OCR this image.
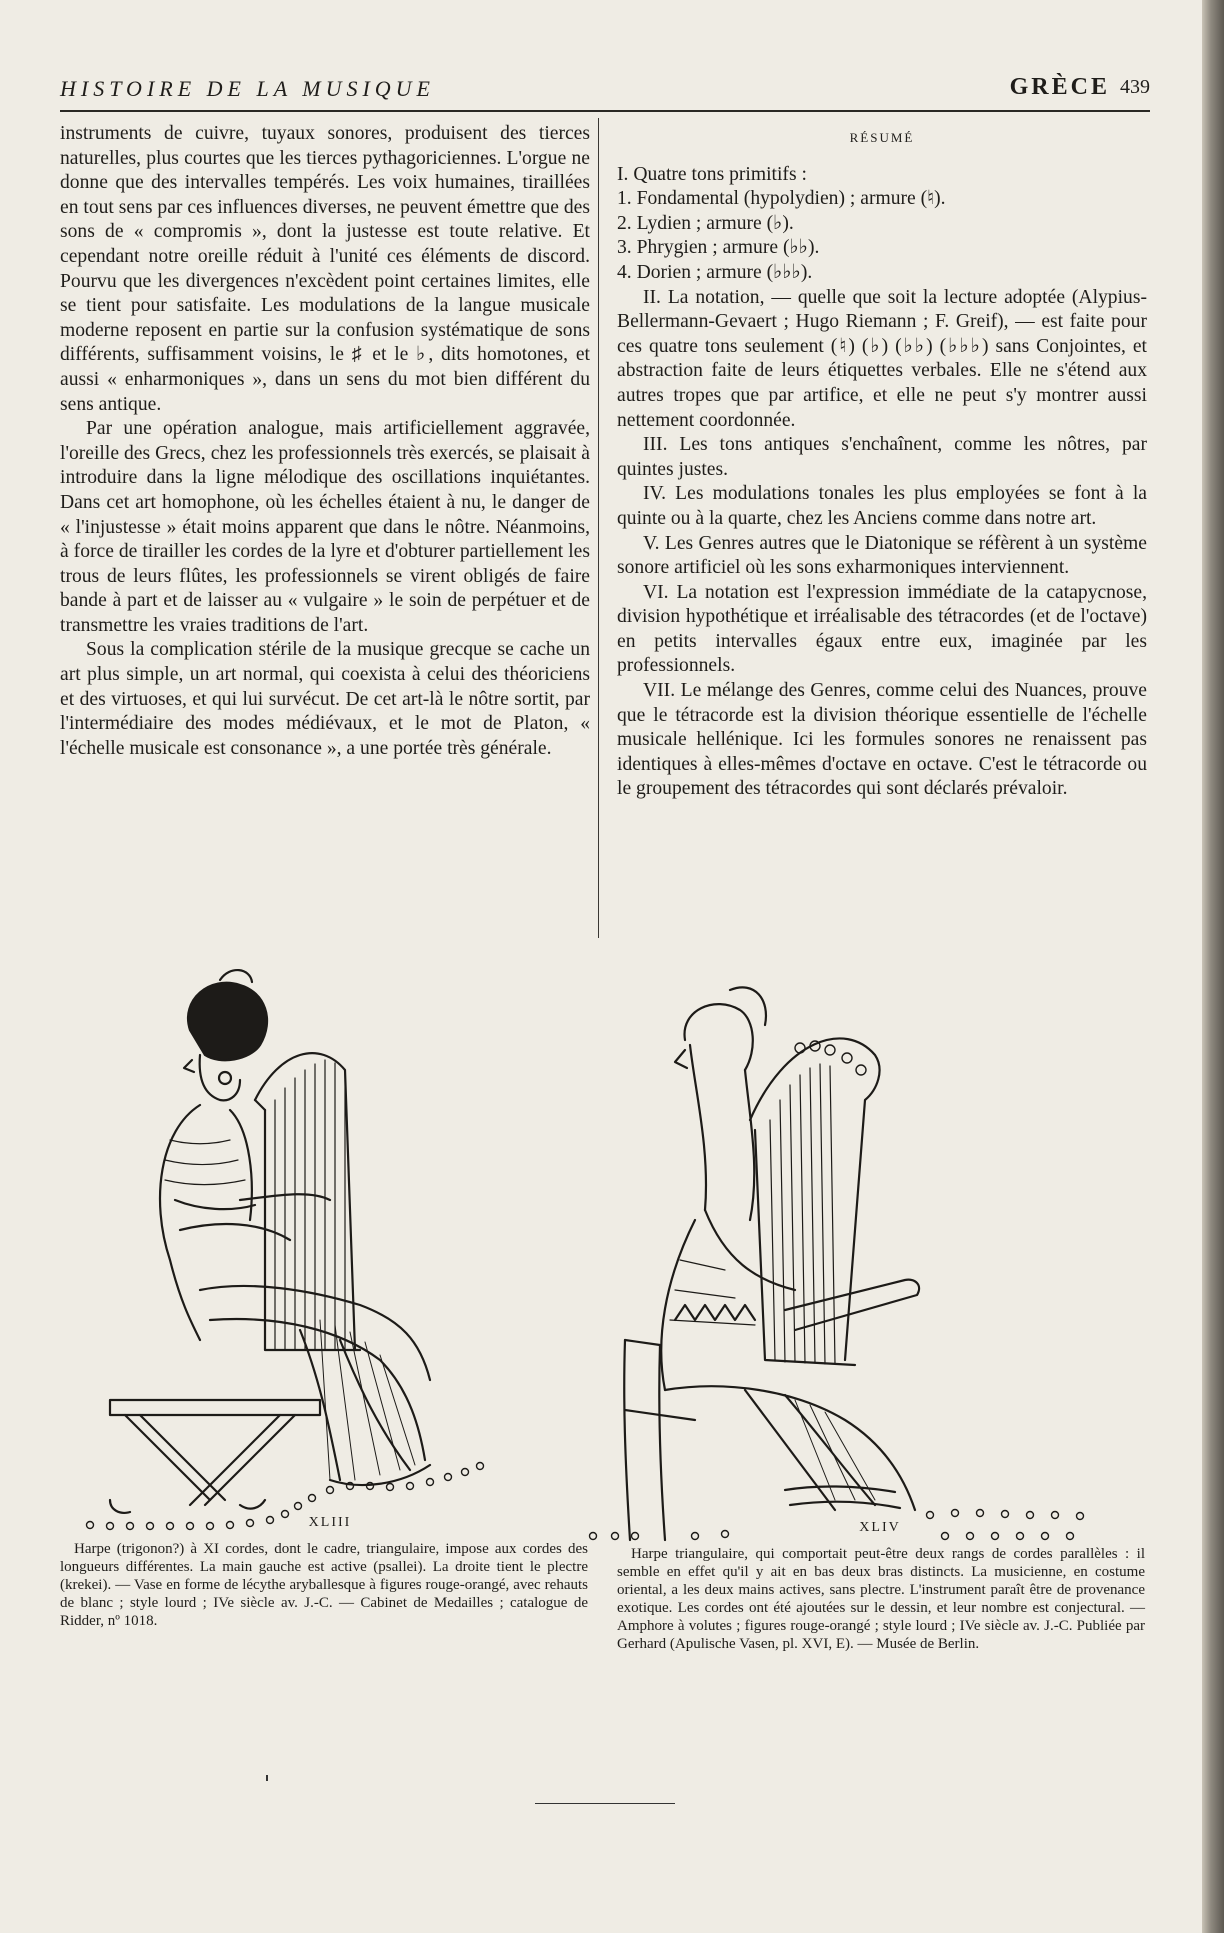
HISTOIRE DE LA MUSIQUE	GRÈCE 439

instruments de cuivre, tuyaux sonores, produisent des tierces naturelles, plus courtes que les tierces pythagoriciennes. L'orgue ne donne que des intervalles tempérés. Les voix humaines, tiraillées en tout sens par ces influences diverses, ne peuvent émettre que des sons de « compromis », dont la justesse est toute relative. Et cependant notre oreille réduit à l'unité ces éléments de discord. Pourvu que les divergences n'excèdent point certaines limites, elle se tient pour satisfaite. Les modulations de la langue musicale moderne reposent en partie sur la confusion systématique de sons différents, suffisamment voisins, le ♯ et le ♭, dits homotones, et aussi « enharmoniques », dans un sens du mot bien différent du sens antique.

Par une opération analogue, mais artificiellement aggravée, l'oreille des Grecs, chez les professionnels très exercés, se plaisait à introduire dans la ligne mélodique des oscillations inquiétantes. Dans cet art homophone, où les échelles étaient à nu, le danger de « l'injustesse » était moins apparent que dans le nôtre. Néanmoins, à force de tirailler les cordes de la lyre et d'obturer partiellement les trous de leurs flûtes, les professionnels se virent obligés de faire bande à part et de laisser au « vulgaire » le soin de perpétuer et de transmettre les vraies traditions de l'art.

Sous la complication stérile de la musique grecque se cache un art plus simple, un art normal, qui coexista à celui des théoriciens et des virtuoses, et qui lui survécut. De cet art-là le nôtre sortit, par l'intermédiaire des modes médiévaux, et le mot de Platon, « l'échelle musicale est consonance », a une portée très générale.

RÉSUMÉ

I. Quatre tons primitifs :

1. Fondamental (hypolydien) ; armure (♮).

2. Lydien ; armure (♭).

3. Phrygien ; armure (♭♭).

4. Dorien ; armure (♭♭♭).

II. La notation, — quelle que soit la lecture adoptée (Alypius-Bellermann-Gevaert ; Hugo Riemann ; F. Greif), — est faite pour ces quatre tons seulement (♮) (♭) (♭♭) (♭♭♭) sans Conjointes, et abstraction faite de leurs étiquettes verbales. Elle ne s'étend aux autres tropes que par artifice, et elle ne peut s'y montrer aussi nettement coordonnée.

III. Les tons antiques s'enchaînent, comme les nôtres, par quintes justes.

IV. Les modulations tonales les plus employées se font à la quinte ou à la quarte, chez les Anciens comme dans notre art.

V. Les Genres autres que le Diatonique se réfèrent à un système sonore artificiel où les sons exharmoniques interviennent.

VI. La notation est l'expression immédiate de la catapycnose, division hypothétique et irréalisable des tétracordes (et de l'octave) en petits intervalles égaux entre eux, imaginée par les professionnels.

VII. Le mélange des Genres, comme celui des Nuances, prouve que le tétracorde est la division théorique essentielle de l'échelle musicale hellénique. Ici les formules sonores ne renaissent pas identiques à elles-mêmes d'octave en octave. C'est le tétracorde ou le groupement des tétracordes qui sont déclarés prévaloir.

XLIII

Harpe (trigonon?) à XI cordes, dont le cadre, triangulaire, impose aux cordes des longueurs différentes. La main gauche est active (psallei). La droite tient le plectre (krekei). — Vase en forme de lécythe aryballesque à figures rouge-orangé, avec rehauts de blanc ; style lourd ; IVe siècle av. J.-C. — Cabinet de Medailles ; catalogue de Ridder, nº 1018.

XLIV

Harpe triangulaire, qui comportait peut-être deux rangs de cordes parallèles : il semble en effet qu'il y ait en bas deux bras distincts. La musicienne, en costume oriental, a les deux mains actives, sans plectre. L'instrument paraît être de provenance exotique. Les cordes ont été ajoutées sur le dessin, et leur nombre est conjectural. — Amphore à volutes ; figures rouge-orangé ; style lourd ; IVe siècle av. J.-C. Publiée par Gerhard (Apulische Vasen, pl. XVI, E). — Musée de Berlin.
